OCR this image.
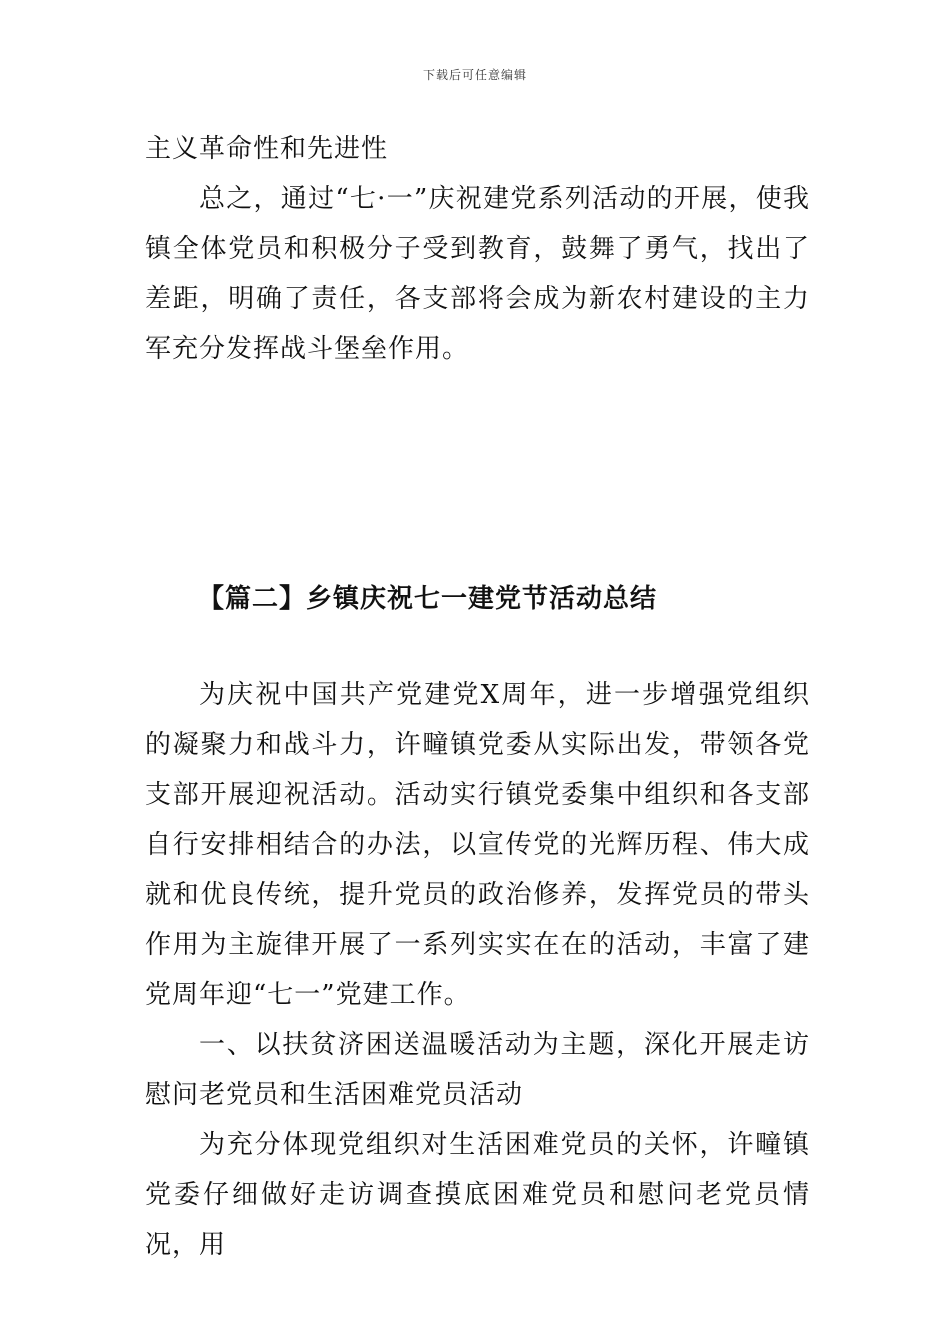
下载后可任意编辑

主义革命性和先进性

总之，通过“七·一”庆祝建党系列活动的开展，使我镇全体党员和积极分子受到教育，鼓舞了勇气，找出了差距，明确了责任，各支部将会成为新农村建设的主力军充分发挥战斗堡垒作用。

【篇二】乡镇庆祝七一建党节活动总结

为庆祝中国共产党建党X周年，进一步增强党组织的凝聚力和战斗力，许疃镇党委从实际出发，带领各党支部开展迎祝活动。活动实行镇党委集中组织和各支部自行安排相结合的办法，以宣传党的光辉历程、伟大成就和优良传统，提升党员的政治修养，发挥党员的带头作用为主旋律开展了一系列实实在在的活动，丰富了建党周年迎“七一”党建工作。

一、以扶贫济困送温暖活动为主题，深化开展走访慰问老党员和生活困难党员活动

为充分体现党组织对生活困难党员的关怀，许疃镇党委仔细做好走访调查摸底困难党员和慰问老党员情况，用
